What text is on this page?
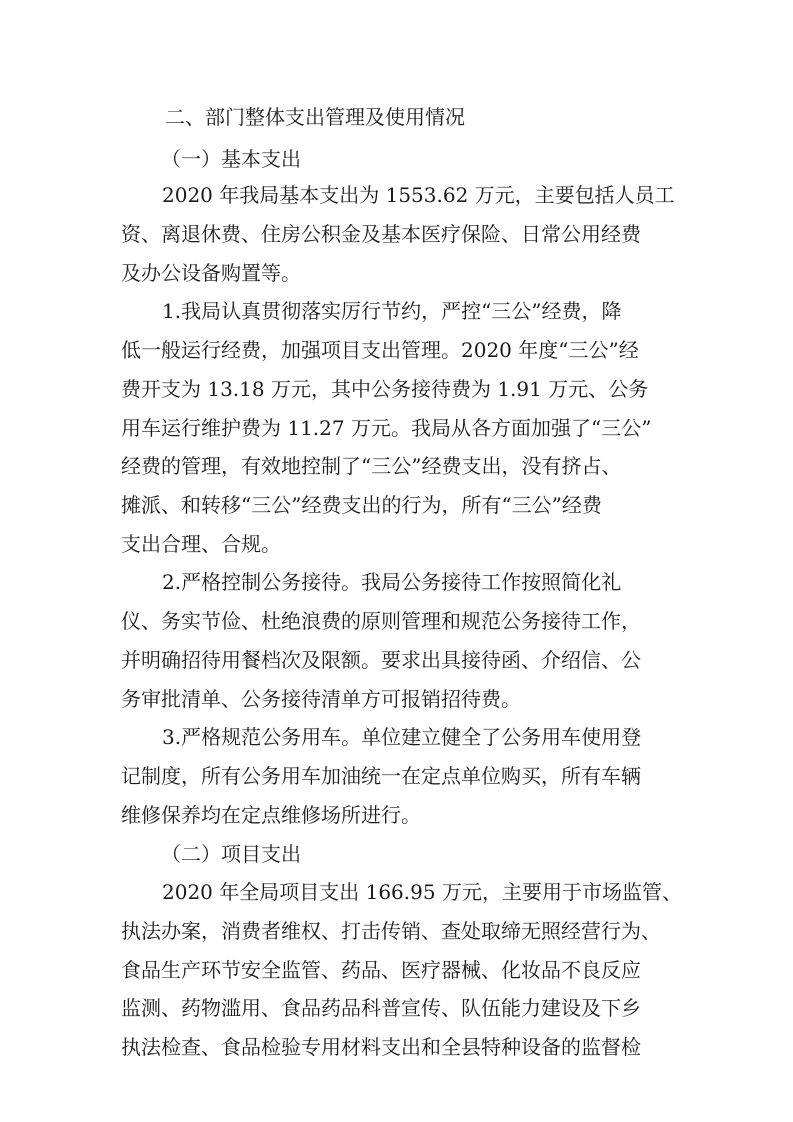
二、部门整体支出管理及使用情况
（一）基本支出
2020 年我局基本支出为 1553.62 万元，主要包括人员工
资、离退休费、住房公积金及基本医疗保险、日常公用经费
及办公设备购置等。
1.我局认真贯彻落实厉行节约，严控“三公”经费，降
低一般运行经费，加强项目支出管理。2020 年度“三公”经
费开支为 13.18 万元，其中公务接待费为 1.91 万元、公务
用车运行维护费为 11.27 万元。我局从各方面加强了“三公”
经费的管理，有效地控制了“三公”经费支出，没有挤占、
摊派、和转移“三公”经费支出的行为，所有“三公”经费
支出合理、合规。
2.严格控制公务接待。我局公务接待工作按照简化礼
仪、务实节俭、杜绝浪费的原则管理和规范公务接待工作，
并明确招待用餐档次及限额。要求出具接待函、介绍信、公
务审批清单、公务接待清单方可报销招待费。
3.严格规范公务用车。单位建立健全了公务用车使用登
记制度，所有公务用车加油统一在定点单位购买，所有车辆
维修保养均在定点维修场所进行。
（二）项目支出
2020 年全局项目支出 166.95 万元，主要用于市场监管、
执法办案，消费者维权、打击传销、查处取缔无照经营行为、
食品生产环节安全监管、药品、医疗器械、化妆品不良反应
监测、药物滥用、食品药品科普宣传、队伍能力建设及下乡
执法检查、食品检验专用材料支出和全县特种设备的监督检
